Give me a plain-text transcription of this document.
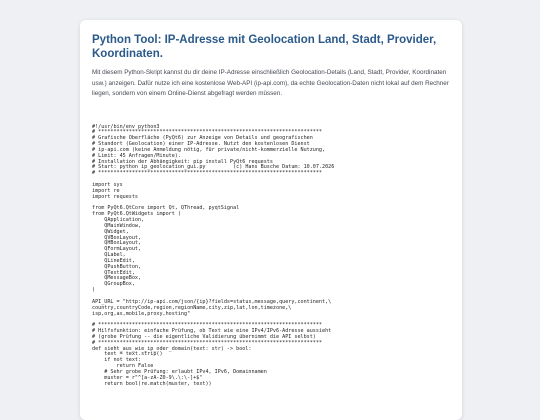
Python Tool: IP-Adresse mit Geolocation Land, Stadt, Provider, Koordinaten.

Mit diesem Python-Skript kannst du dir deine IP-Adresse einschließlich Geolocation-Details (Land, Stadt, Provider, Koordinaten usw.) anzeigen. Dafür nutze ich eine kostenlose Web-API (ip-api.com), da echte Geolocation-Daten nicht lokal auf dem Rechner liegen, sondern von einem Online-Dienst abgefragt werden müssen.

#!/usr/bin/env python3
# *************************************************************************
# Grafische Oberfläche (PyQt6) zur Anzeige von Details und geografischen
# Standort (Geolocation) einer IP-Adresse. Nutzt den kostenlosen Dienst
# ip-api.com (keine Anmeldung nötig, für private/nicht-kommerzielle Nutzung,
# Limit: 45 Anfragen/Minute).
# Installation der Abhängigkeit: pip install PyQt6 requests
# Start: python ip_geolocation_gui.py         (c) Hans Busche Datum: 10.07.2026
# *************************************************************************

import sys
import re
import requests

from PyQt6.QtCore import Qt, QThread, pyqtSignal
from PyQt6.QtWidgets import (
QApplication,
QMainWindow,
QWidget,
QVBoxLayout,
QHBoxLayout,
QFormLayout,
QLabel,
QLineEdit,
QPushButton,
QTextEdit,
QMessageBox,
QGroupBox,
)

API_URL = "http://ip-api.com/json/{ip}?fields=status,message,query,continent,\
country,countryCode,region,regionName,city,zip,lat,lon,timezone,\
isp,org,as,mobile,proxy,hosting"

# *************************************************************************
# Hilfsfunktion: einfache Prüfung, ob Text wie eine IPv4/IPv6-Adresse aussieht
# (grobe Prüfung -- die eigentliche Validierung übernimmt die API selbst)
# *************************************************************************
def sieht_aus_wie_ip_oder_domain(text: str) -> bool:
text = text.strip()
if not text:
return False
# Sehr grobe Prüfung: erlaubt IPv4, IPv6, Domainnamen
muster = r"^[a-zA-Z0-9\.\:\-]+$"
return bool(re.match(muster, text))
